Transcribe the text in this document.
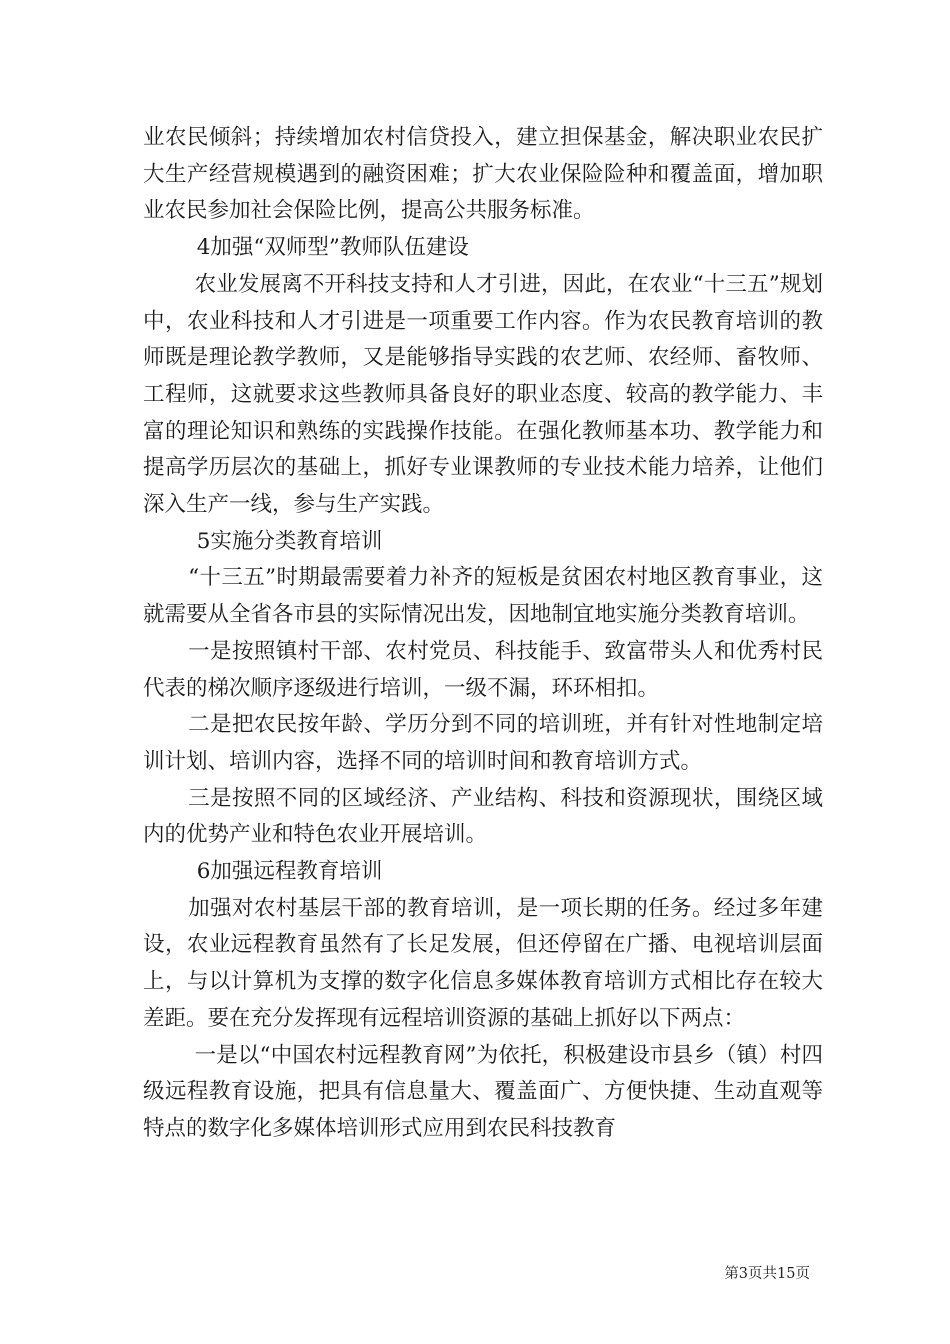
业农民倾斜；持续增加农村信贷投入，建立担保基金，解决职业农民扩大生产经营规模遇到的融资困难；扩大农业保险险种和覆盖面，增加职业农民参加社会保险比例，提高公共服务标准。

4加强“双师型”教师队伍建设

农业发展离不开科技支持和人才引进，因此，在农业“十三五”规划中，农业科技和人才引进是一项重要工作内容。作为农民教育培训的教师既是理论教学教师，又是能够指导实践的农艺师、农经师、畜牧师、工程师，这就要求这些教师具备良好的职业态度、较高的教学能力、丰富的理论知识和熟练的实践操作技能。在强化教师基本功、教学能力和提高学历层次的基础上，抓好专业课教师的专业技术能力培养，让他们深入生产一线，参与生产实践。

5实施分类教育培训

“十三五”时期最需要着力补齐的短板是贫困农村地区教育事业，这就需要从全省各市县的实际情况出发，因地制宜地实施分类教育培训。

一是按照镇村干部、农村党员、科技能手、致富带头人和优秀村民代表的梯次顺序逐级进行培训，一级不漏，环环相扣。

二是把农民按年龄、学历分到不同的培训班，并有针对性地制定培训计划、培训内容，选择不同的培训时间和教育培训方式。

三是按照不同的区域经济、产业结构、科技和资源现状，围绕区域内的优势产业和特色农业开展培训。

6加强远程教育培训

加强对农村基层干部的教育培训，是一项长期的任务。经过多年建设，农业远程教育虽然有了长足发展，但还停留在广播、电视培训层面上，与以计算机为支撑的数字化信息多媒体教育培训方式相比存在较大差距。要在充分发挥现有远程培训资源的基础上抓好以下两点：

一是以“中国农村远程教育网”为依托，积极建设市县乡（镇）村四级远程教育设施，把具有信息量大、覆盖面广、方便快捷、生动直观等特点的数字化多媒体培训形式应用到农民科技教育

第3页共15页
